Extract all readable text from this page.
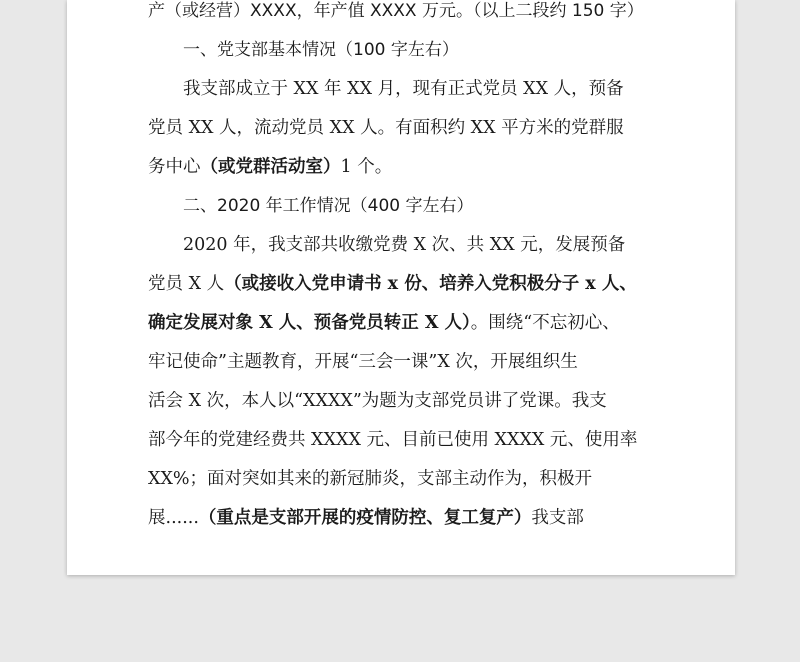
产（或经营）XXXX，年产值 XXXX 万元。（以上二段约 150 字）
一、党支部基本情况（100 字左右）
我支部成立于 XX 年 XX 月，现有正式党员 XX 人，预备
党员 XX 人，流动党员 XX 人。有面积约 XX 平方米的党群服
务中心（或党群活动室）1 个。
二、2020 年工作情况（400 字左右）
2020 年，我支部共收缴党费 X 次、共 XX 元，发展预备
党员 X 人（或接收入党申请书 x 份、培养入党积极分子 x 人、
确定发展对象 X 人、预备党员转正 X 人）。围绕“不忘初心、
牢记使命”主题教育，开展“三会一课”X 次，开展组织生
活会 X 次，本人以“XXXX”为题为支部党员讲了党课。我支
部今年的党建经费共 XXXX 元、目前已使用 XXXX 元、使用率
XX%；面对突如其来的新冠肺炎，支部主动作为，积极开
展......（重点是支部开展的疫情防控、复工复产）我支部
